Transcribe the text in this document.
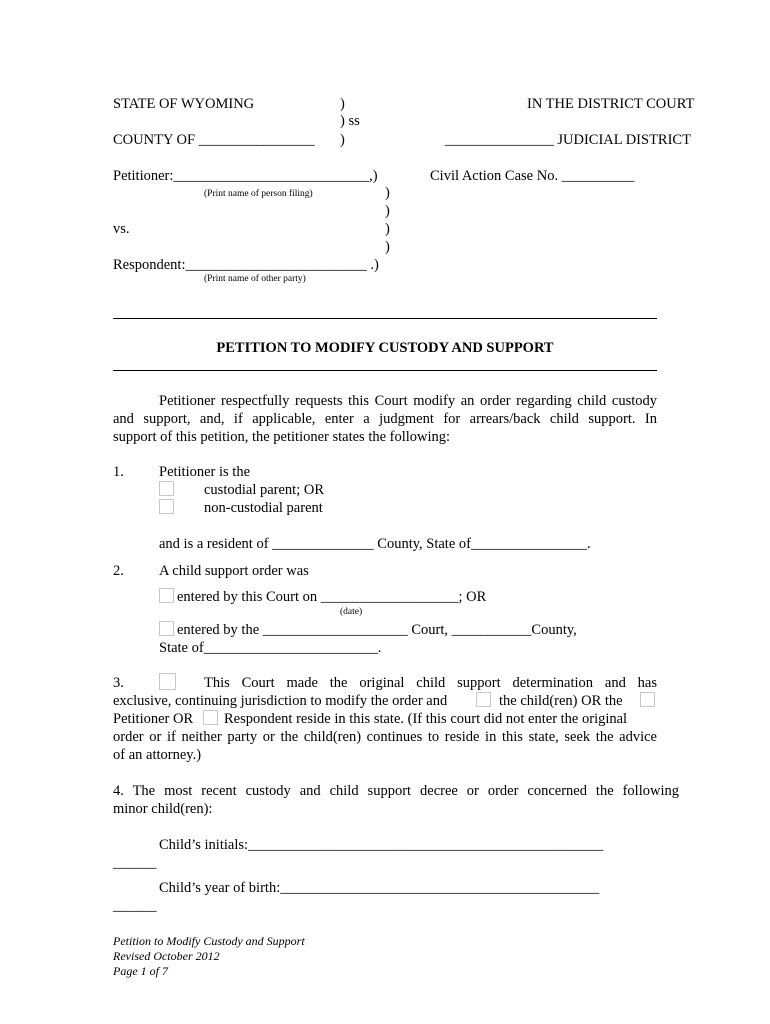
STATE OF WYOMING	)
) ss
COUNTY OF ________________ )
IN THE DISTRICT COURT
_______________ JUDICIAL DISTRICT
Petitioner:___________________________,)
(Print name of person filing)	)
)
vs.	)
)
Respondent:_________________________ .)
(Print name of other party)
Civil Action Case No. __________
PETITION TO MODIFY CUSTODY AND SUPPORT
Petitioner respectfully requests this Court modify an order regarding child custody
and support, and, if applicable, enter a judgment for arrears/back child support. In
support of this petition, the petitioner states the following:
1. Petitioner is the
custodial parent; OR
non-custodial parent
and is a resident of ______________ County, State of________________.
2. A child support order was
entered by this Court on ___________________; OR
(date)
entered by the ____________________ Court, ___________County,
State of________________________.
3.	This Court made the original child support determination and has
exclusive, continuing jurisdiction to modify the order and	the child(ren) OR the
Petitioner OR Respondent reside in this state. (If this court did not enter the original
order or if neither party or the child(ren) continues to reside in this state, seek the advice
of an attorney.)
4. The most recent custody and child support decree or order concerned the following
minor child(ren):
Child’s initials:_________________________________________________
______
Child’s year of birth:____________________________________________
______
Petition to Modify Custody and Support
Revised October 2012
Page 1 of 7
